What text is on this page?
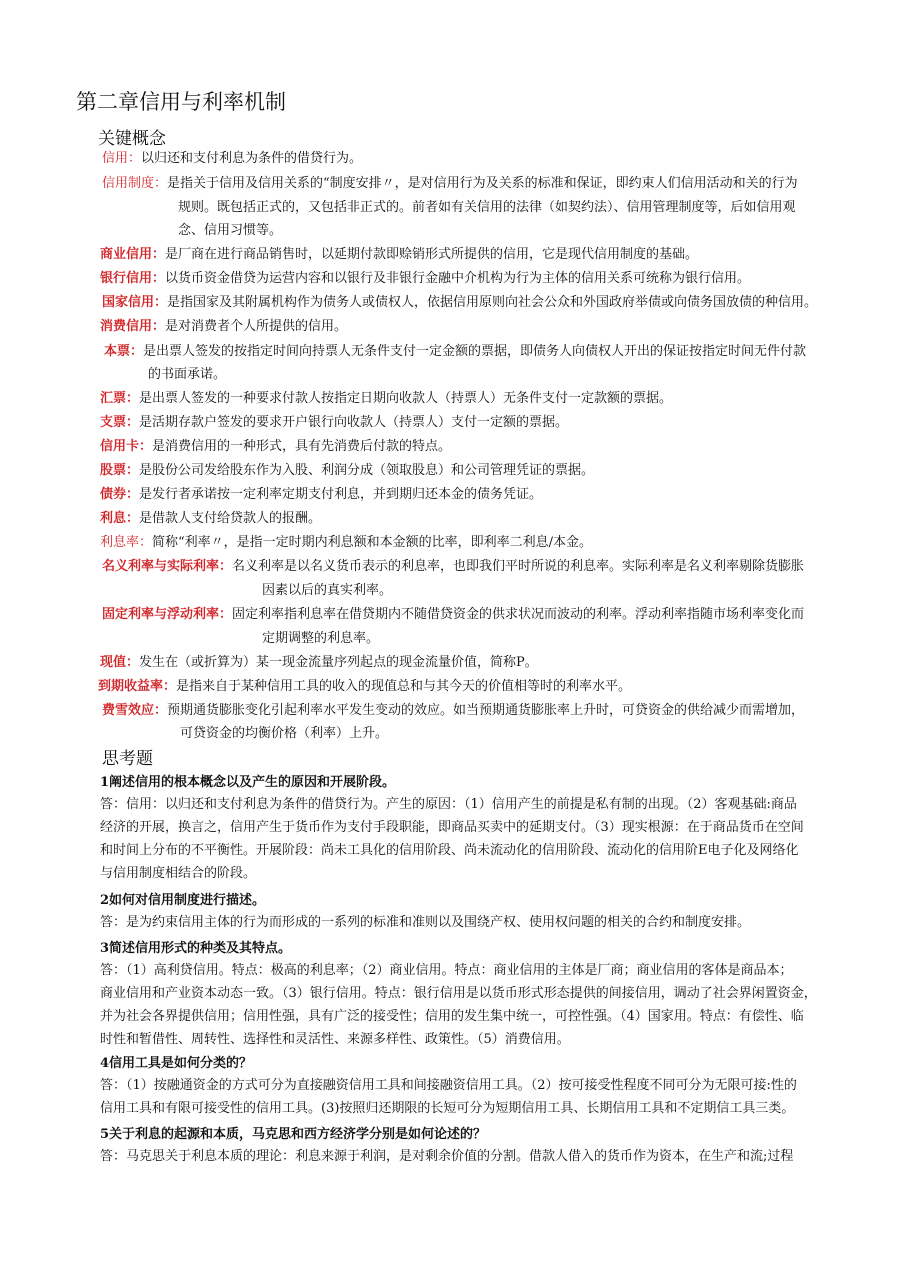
第二章信用与利率机制
关键概念
信用：以归还和支付利息为条件的借贷行为。
信用制度：是指关于信用及信用关系的“制度安排〃，是对信用行为及关系的标准和保证，即约束人们信用活动和关的行为
规则。既包括正式的，又包括非正式的。前者如有关信用的法律（如契约法）、信用管理制度等，后如信用观
念、信用习惯等。
商业信用：是厂商在进行商品销售时，以延期付款即赊销形式所提供的信用，它是现代信用制度的基础。
银行信用：以货币资金借贷为运营内容和以银行及非银行金融中介机构为行为主体的信用关系可统称为银行信用。
国家信用：是指国家及其附属机构作为债务人或债权人，依据信用原则向社会公众和外国政府举债或向债务国放债的种信用。
消费信用：是对消费者个人所提供的信用。
本票：是出票人签发的按指定时间向持票人无条件支付一定金额的票据，即债务人向债权人开出的保证按指定时间无件付款
的书面承诺。
汇票：是出票人签发的一种要求付款人按指定日期向收款人（持票人）无条件支付一定款额的票据。
支票：是活期存款户签发的要求开户银行向收款人（持票人）支付一定额的票据。
信用卡：是消费信用的一种形式，具有先消费后付款的特点。
股票：是股份公司发给股东作为入股、利润分成（领取股息）和公司管理凭证的票据。
债券：是发行者承诺按一定利率定期支付利息，并到期归还本金的债务凭证。
利息：是借款人支付给贷款人的报酬。
利息率：简称“利率〃，是指一定时期内利息额和本金额的比率，即利率二利息/本金。
名义利率与实际利率：名义利率是以名义货币表示的利息率，也即我们平时所说的利息率。实际利率是名义利率剔除货膨胀
因素以后的真实利率。
固定利率与浮动利率：固定利率指利息率在借贷期内不随借贷资金的供求状况而波动的利率。浮动利率指随市场利率变化而
定期调整的利息率。
现值：发生在（或折算为）某一现金流量序列起点的现金流量价值，简称P。
到期收益率：是指来自于某种信用工具的收入的现值总和与其今天的价值相等时的利率水平。
费雪效应：预期通货膨胀变化引起利率水平发生变动的效应。如当预期通货膨胀率上升时，可贷资金的供给减少而需增加，
可贷资金的均衡价格（利率）上升。
思考题
1阐述信用的根本概念以及产生的原因和开展阶段。
答：信用：以归还和支付利息为条件的借贷行为。产生的原因：（1）信用产生的前提是私有制的出现。（2）客观基础:商品
经济的开展，换言之，信用产生于货币作为支付手段职能，即商品买卖中的延期支付。（3）现实根源：在于商品货币在空间
和时间上分布的不平衡性。开展阶段：尚未工具化的信用阶段、尚未流动化的信用阶段、流动化的信用阶E电子化及网络化
与信用制度相结合的阶段。
2如何对信用制度进行描述。
答：是为约束信用主体的行为而形成的一系列的标准和准则以及围绕产权、使用权问题的相关的合约和制度安排。
3简述信用形式的种类及其特点。
答：（1）高利贷信用。特点：极高的利息率；（2）商业信用。特点：商业信用的主体是厂商；商业信用的客体是商品本；
商业信用和产业资本动态一致。（3）银行信用。特点：银行信用是以货币形式形态提供的间接信用，调动了社会界闲置资金，
并为社会各界提供信用；信用性强，具有广泛的接受性；信用的发生集中统一，可控性强。（4）国家用。特点：有偿性、临
时性和暂借性、周转性、选择性和灵活性、来源多样性、政策性。（5）消费信用。
4信用工具是如何分类的？
答：（1）按融通资金的方式可分为直接融资信用工具和间接融资信用工具。（2）按可接受性程度不同可分为无限可接:性的
信用工具和有限可接受性的信用工具。(3)按照归还期限的长短可分为短期信用工具、长期信用工具和不定期信工具三类。
5关于利息的起源和本质，马克思和西方经济学分别是如何论述的？
答：马克思关于利息本质的理论：利息来源于利润，是对剩余价值的分割。借款人借入的货币作为资本，在生产和流;过程
